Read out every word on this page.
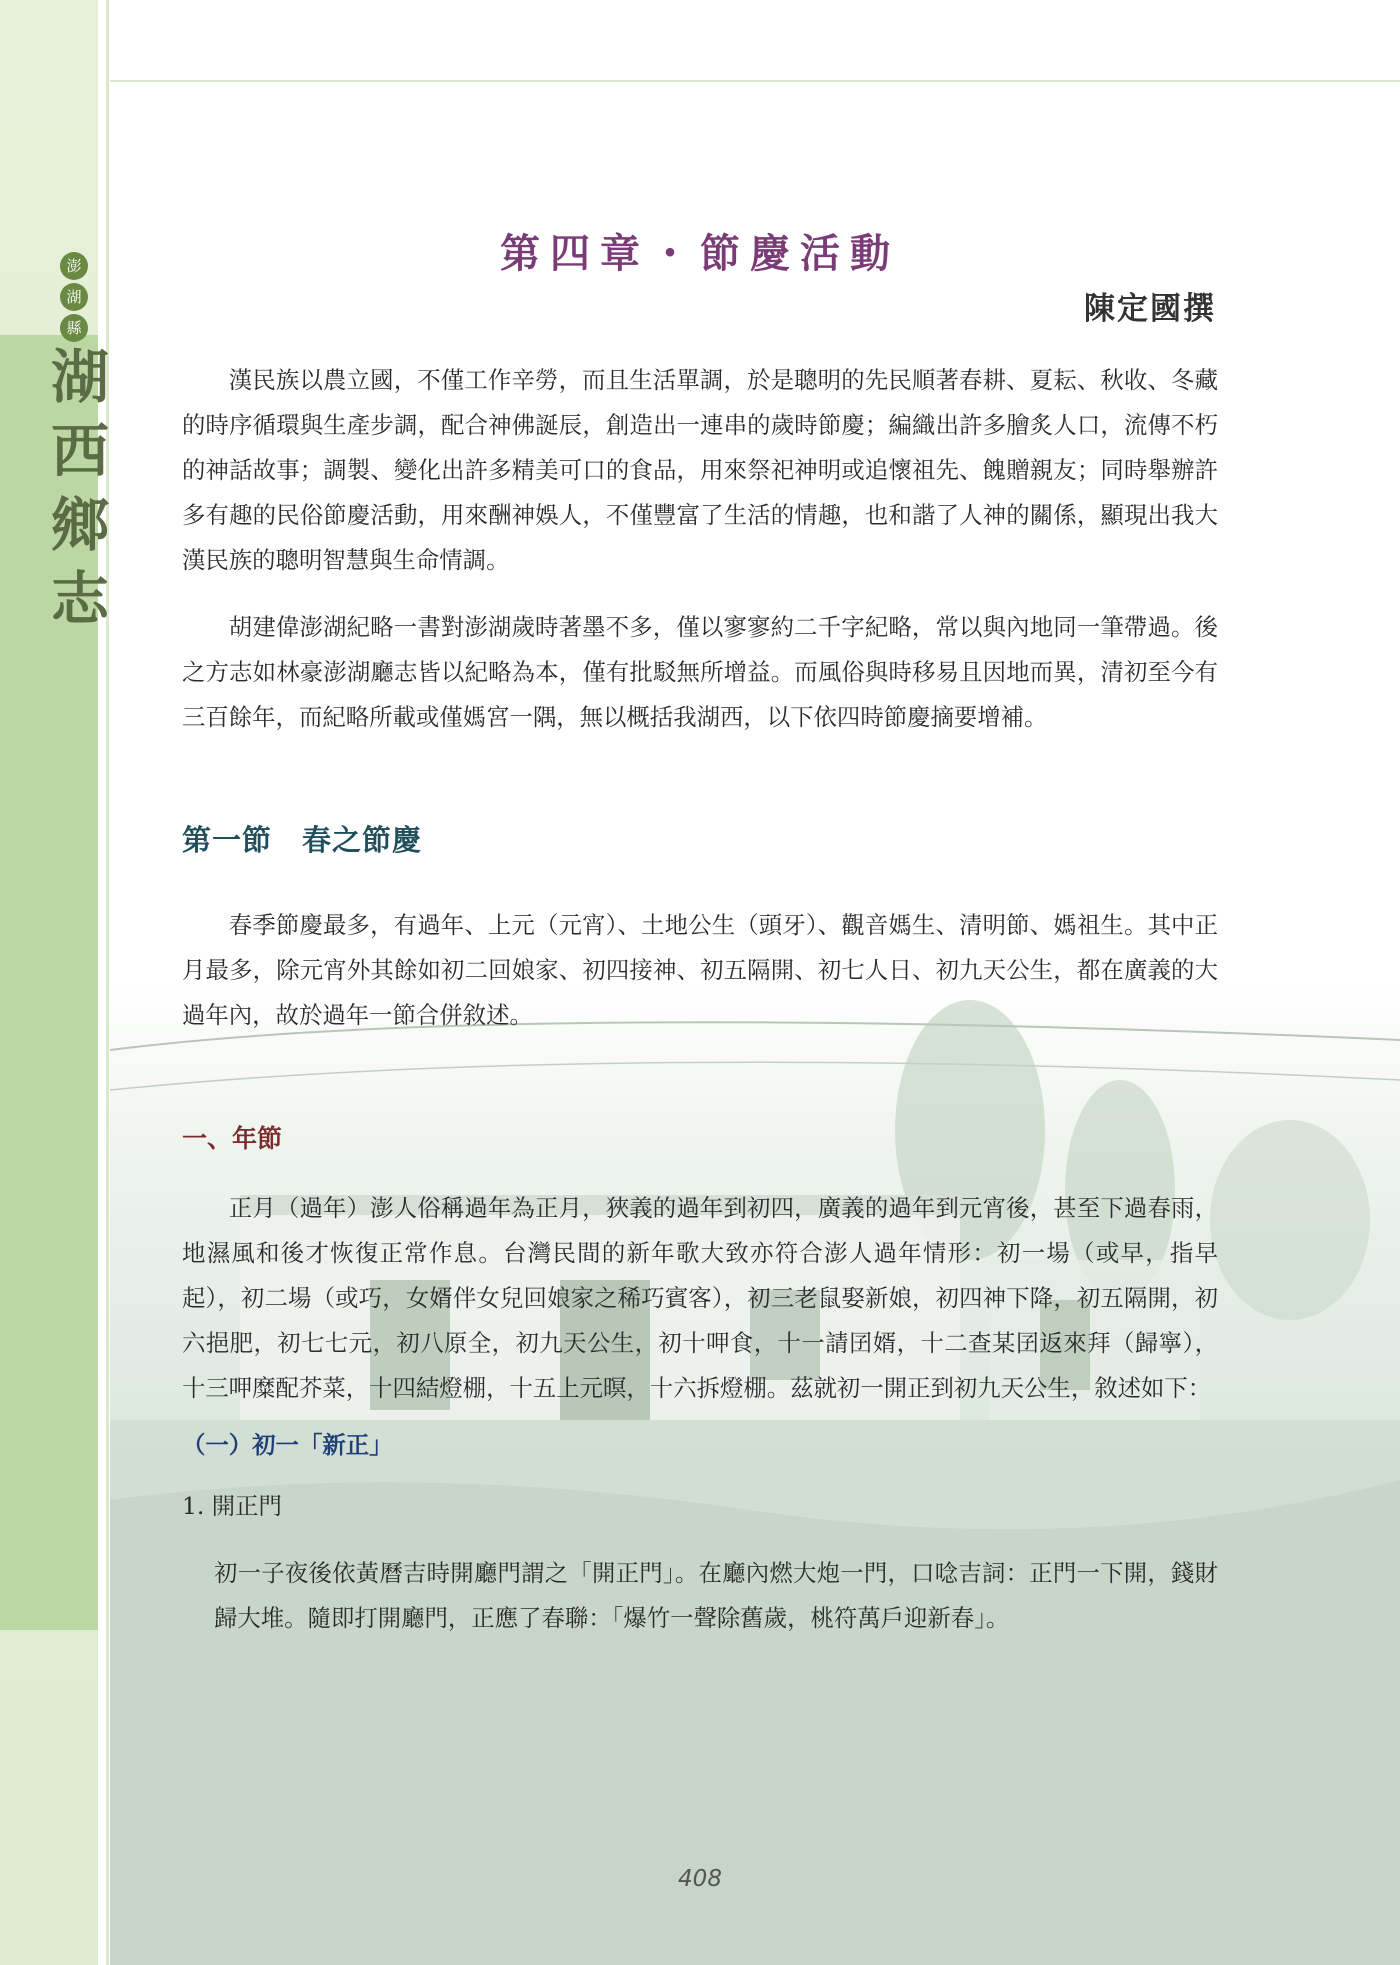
澎
湖
縣
湖
西
鄉
志
第四章・節慶活動
陳定國撰

漢民族以農立國，不僅工作辛勞，而且生活單調，於是聰明的先民順著春耕、夏耘、秋收、冬藏的時序循環與生產步調，配合神佛誕辰，創造出一連串的歲時節慶；編織出許多膾炙人口，流傳不朽的神話故事；調製、變化出許多精美可口的食品，用來祭祀神明或追懷祖先、餽贈親友；同時舉辦許多有趣的民俗節慶活動，用來酬神娛人，不僅豐富了生活的情趣，也和諧了人神的關係，顯現出我大漢民族的聰明智慧與生命情調。

胡建偉澎湖紀略一書對澎湖歲時著墨不多，僅以寥寥約二千字紀略，常以與內地同一筆帶過。後之方志如林豪澎湖廳志皆以紀略為本，僅有批駁無所增益。而風俗與時移易且因地而異，清初至今有三百餘年，而紀略所載或僅媽宮一隅，無以概括我湖西，以下依四時節慶摘要增補。

第一節　春之節慶

春季節慶最多，有過年、上元（元宵）、土地公生（頭牙）、觀音媽生、清明節、媽祖生。其中正月最多，除元宵外其餘如初二回娘家、初四接神、初五隔開、初七人日、初九天公生，都在廣義的大過年內，故於過年一節合併敘述。

一、年節

正月（過年）澎人俗稱過年為正月，狹義的過年到初四，廣義的過年到元宵後，甚至下過春雨，地濕風和後才恢復正常作息。台灣民間的新年歌大致亦符合澎人過年情形：初一場（或早，指早起），初二場（或巧，女婿伴女兒回娘家之稀巧賓客），初三老鼠娶新娘，初四神下降，初五隔開，初六挹肥，初七七元，初八原全，初九天公生，初十呷食，十一請囝婿，十二查某囝返來拜（歸寧），十三呷糜配芥菜，十四結燈棚，十五上元暝，十六拆燈棚。茲就初一開正到初九天公生，敘述如下：

（一）初一「新正」
1. 開正門

初一子夜後依黃曆吉時開廳門謂之「開正門」。在廳內燃大炮一門，口唸吉詞：正門一下開，錢財歸大堆。隨即打開廳門，正應了春聯：「爆竹一聲除舊歲，桃符萬戶迎新春」。

408
